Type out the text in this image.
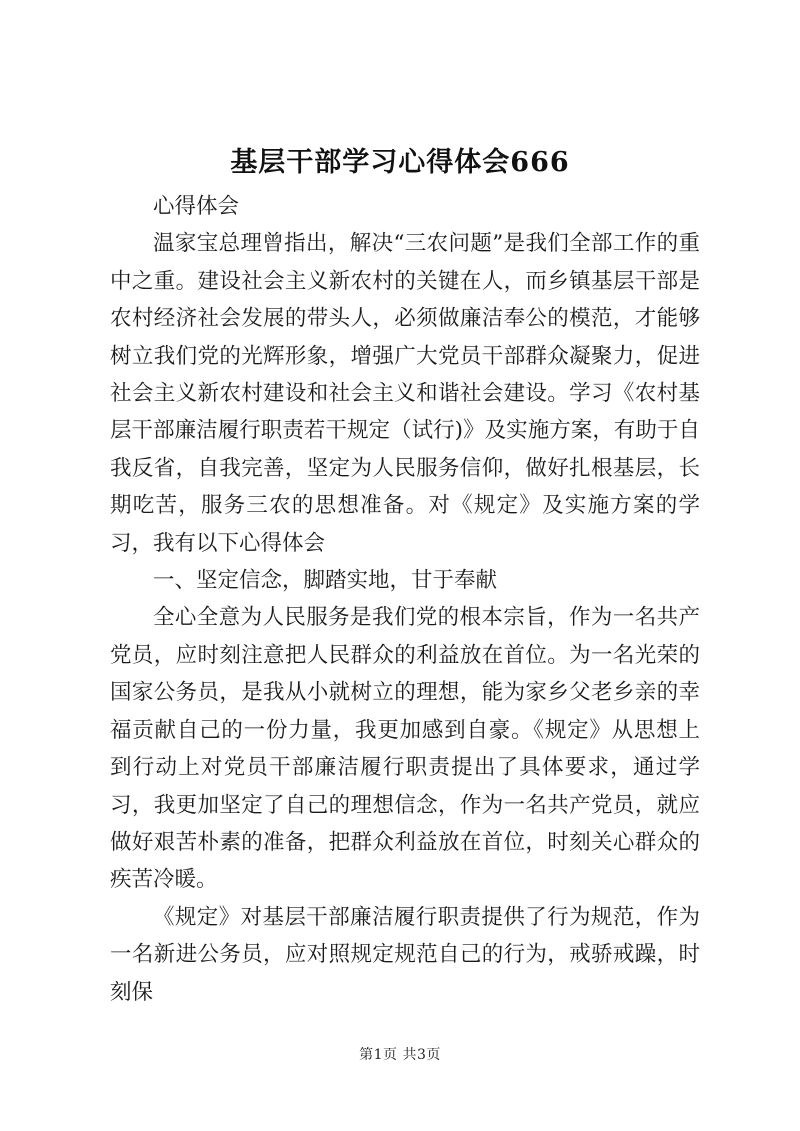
基层干部学习心得体会666

心得体会

温家宝总理曾指出，解决“三农问题”是我们全部工作的重中之重。建设社会主义新农村的关键在人，而乡镇基层干部是农村经济社会发展的带头人，必须做廉洁奉公的模范，才能够树立我们党的光辉形象，增强广大党员干部群众凝聚力，促进社会主义新农村建设和社会主义和谐社会建设。学习《农村基层干部廉洁履行职责若干规定（试行)》及实施方案，有助于自我反省，自我完善，坚定为人民服务信仰，做好扎根基层，长期吃苦，服务三农的思想准备。对《规定》及实施方案的学习，我有以下心得体会

一、坚定信念，脚踏实地，甘于奉献

全心全意为人民服务是我们党的根本宗旨，作为一名共产党员，应时刻注意把人民群众的利益放在首位。为一名光荣的国家公务员，是我从小就树立的理想，能为家乡父老乡亲的幸福贡献自己的一份力量，我更加感到自豪。《规定》从思想上到行动上对党员干部廉洁履行职责提出了具体要求，通过学习，我更加坚定了自己的理想信念，作为一名共产党员，就应做好艰苦朴素的准备，把群众利益放在首位，时刻关心群众的疾苦冷暖。

《规定》对基层干部廉洁履行职责提供了行为规范，作为一名新进公务员，应对照规定规范自己的行为，戒骄戒躁，时刻保

第1页 共3页
